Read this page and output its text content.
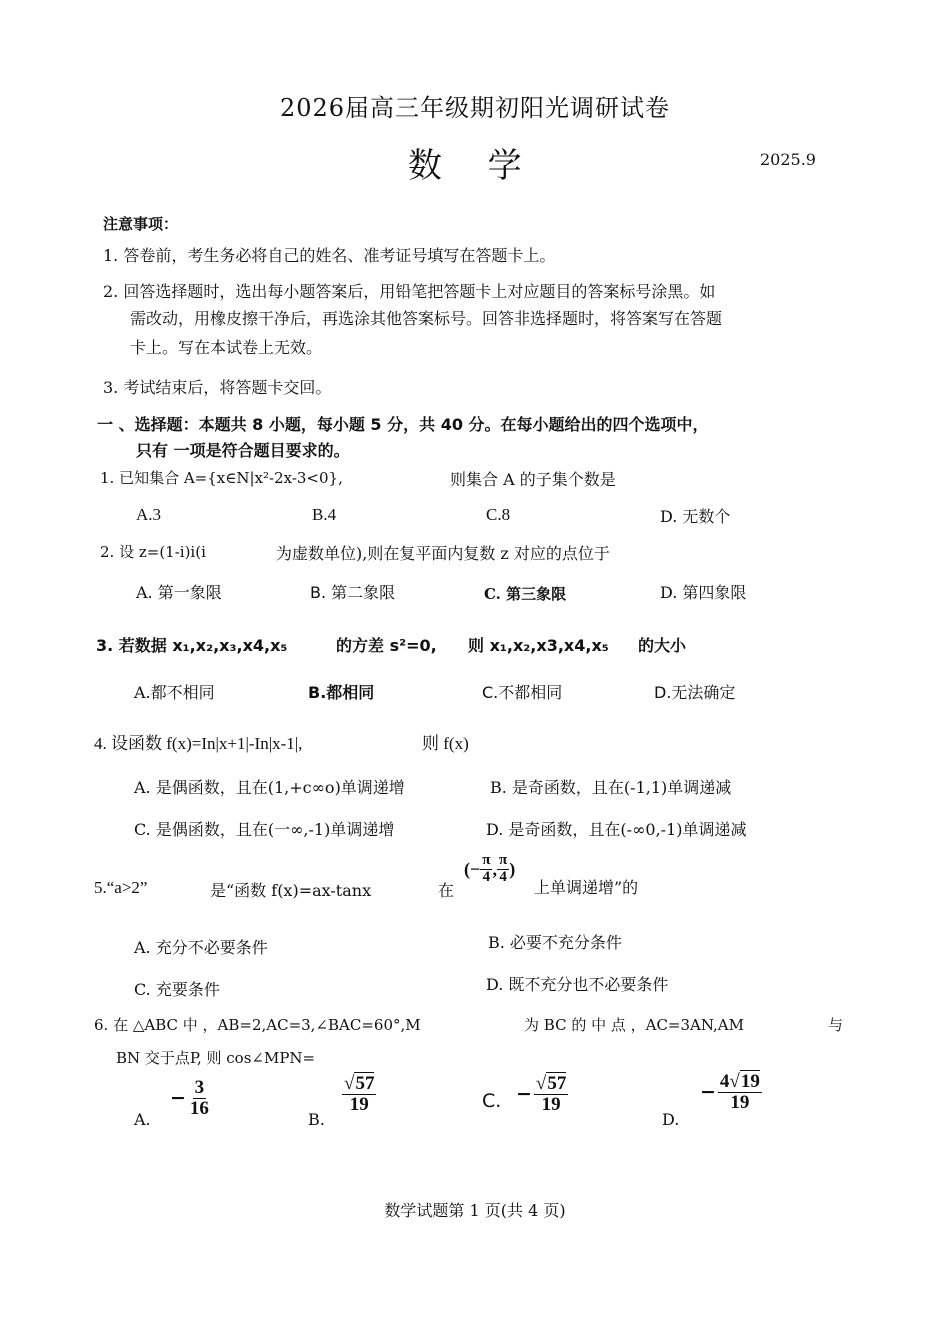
2026届高三年级期初阳光调研试卷
数  学	2025.9
注意事项：
1. 答卷前，考生务必将自己的姓名、准考证号填写在答题卡上。
2. 回答选择题时，选出每小题答案后，用铅笔把答题卡上对应题目的答案标号涂黑。如
需改动，用橡皮擦干净后，再选涂其他答案标号。回答非选择题时，将答案写在答题
卡上。写在本试卷上无效。
3. 考试结束后，将答题卡交回。
一 、选择题：本题共 8 小题，每小题 5 分，共 40 分。在每小题给出的四个选项中，
只有 一项是符合题目要求的。
1. 已知集合 A={x∈N|x²-2x-3<0},	则集合 A 的子集个数是
A.3	B.4	C.8	D. 无数个
2. 设 z=(1-i)i(i	为虚数单位),则在复平面内复数 z 对应的点位于
A. 第一象限	B. 第二象限	C. 第三象限	D. 第四象限
3. 若数据 x₁,x₂,x₃,x4,x₅	的方差 s²=0, 则 x₁,x₂,x3,x4,x₅ 的大小
A.都不相同	B.都相同	C.不都相同	D.无法确定
4. 设函数 f(x)=In|x+1|-In|x-1|,	则 f(x)
A. 是偶函数，且在(1,+c∞o)单调递增	B. 是奇函数，且在(-1,1)单调递减
C. 是偶函数，且在(一∞,-1)单调递增	D. 是奇函数，且在(-∞0,-1)单调递减
5.“a>2”	是“函数 f(x)=ax-tanx	在
(− $\frac{\pi}{4}$ , $\frac{\pi}{4}$ )
上单调递增”的
A. 充分不必要条件	B. 必要不充分条件
C. 充要条件	D. 既不充分也不必要条件
6. 在 △ABC 中 ，AB=2,AC=3,∠BAC=60°,M	为 BC 的 中 点 ，AC=3AN,AM	与
BN 交于点P, 则 cos∠MPN=
A.
− $\frac{3}{16}$
B.
$\frac{√57}{19}$	C. − $\frac{√57}{19}$
D.
− $\frac{4√19}{19}$
数学试题第 1 页(共 4 页)
